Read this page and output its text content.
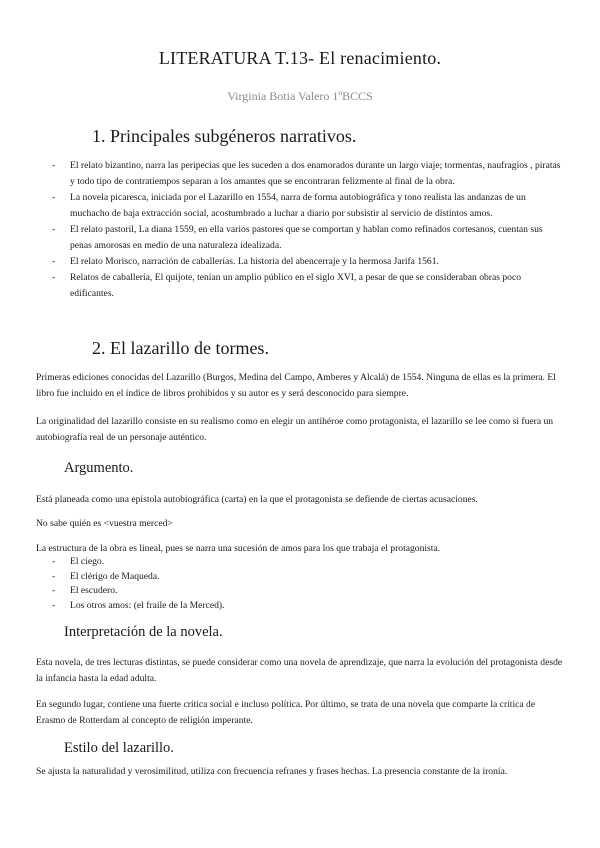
LITERATURA T.13- El renacimiento.
Virginia Botia Valero 1ºBCCS
1. Principales subgéneros narrativos.
- El relato bizantino, narra las peripecias que les suceden a dos enamorados durante un largo viaje; tormentas, naufragios , piratas y todo tipo de contratiempos separan a los amantes que se encontraran felizmente al final de la obra.
- La novela picaresca, iniciada por el Lazarillo en 1554, narra de forma autobiográfica y tono realista las andanzas de un muchacho de baja extracción social, acostumbrado a luchar a diario por subsistir al servicio de distintos amos.
- El relato pastoril, La diana 1559, en ella varios pastores que se comportan y hablan como refinados cortesanos, cuentan sus penas amorosas en medio de una naturaleza idealizada.
- El relato Morisco, narración de caballerías. La historia del abencerraje y la hermosa Jarifa 1561.
- Relatos de caballería, El quijote, tenían un amplio público en el siglo XVI, a pesar de que se consideraban obras poco edificantes.
2. El lazarillo de tormes.
Primeras ediciones conocidas del Lazarillo (Burgos, Medina del Campo, Amberes y Alcalá) de 1554. Ninguna de ellas es la primera. El libro fue incluido en el índice de libros prohibidos y su autor es y será desconocido para siempre.
La originalidad del lazarillo consiste en su realismo como en elegir un antihéroe como protagonista, el lazarillo se lee como si fuera un autobiografía real de un personaje auténtico.
Argumento.
Está planeada como una epístola autobiográfica (carta) en la que el protagonista se defiende de ciertas acusaciones.
No sabe quién es <vuestra merced>
La estructura de la obra es lineal, pues se narra una sucesión de amos para los que trabaja el protagonista.
- El ciego.
- El clérigo de Maqueda.
- El escudero.
- Los otros amos: (el fraile de la Merced).
Interpretación de la novela.
Esta novela, de tres lecturas distintas, se puede considerar como una novela de aprendizaje, que narra la evolución del protagonista desde la infancia hasta la edad adulta.
En segundo lugar, contiene una fuerte crítica social e incluso política. Por último, se trata de una novela que comparte la crítica de Erasmo de Rotterdam al concepto de religión imperante.
Estilo del lazarillo.
Se ajusta la naturalidad y verosimilitud, utiliza con frecuencia refranes y frases hechas. La presencia constante de la ironía.
